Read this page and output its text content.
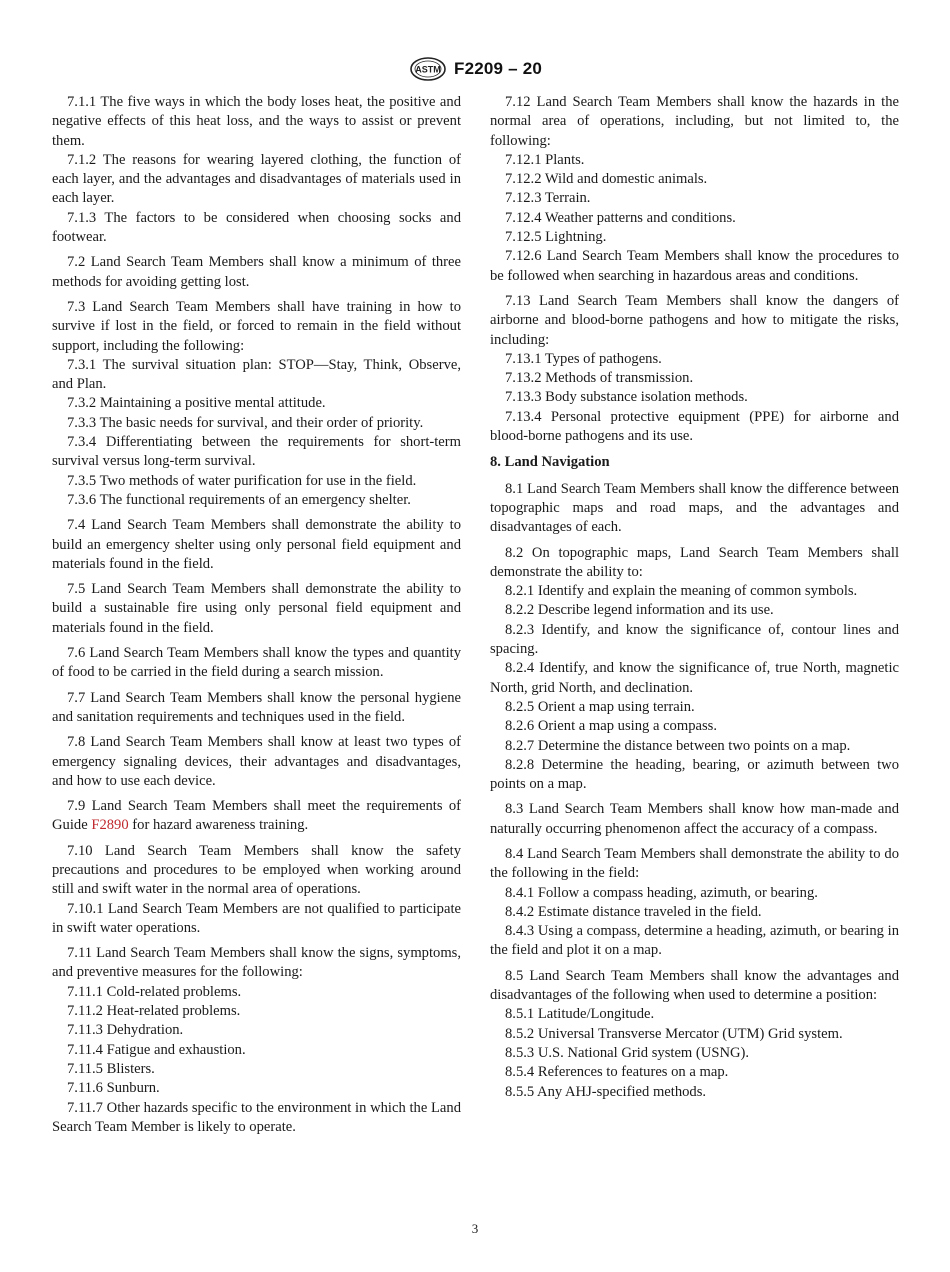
ASTM F2209 – 20

7.1.1 The five ways in which the body loses heat, the positive and negative effects of this heat loss, and the ways to assist or prevent them.

7.1.2 The reasons for wearing layered clothing, the function of each layer, and the advantages and disadvantages of materials used in each layer.

7.1.3 The factors to be considered when choosing socks and footwear.

7.2 Land Search Team Members shall know a minimum of three methods for avoiding getting lost.

7.3 Land Search Team Members shall have training in how to survive if lost in the field, or forced to remain in the field without support, including the following:

7.3.1 The survival situation plan: STOP—Stay, Think, Observe, and Plan.

7.3.2 Maintaining a positive mental attitude.

7.3.3 The basic needs for survival, and their order of priority.

7.3.4 Differentiating between the requirements for short-term survival versus long-term survival.

7.3.5 Two methods of water purification for use in the field.

7.3.6 The functional requirements of an emergency shelter.

7.4 Land Search Team Members shall demonstrate the ability to build an emergency shelter using only personal field equipment and materials found in the field.

7.5 Land Search Team Members shall demonstrate the ability to build a sustainable fire using only personal field equipment and materials found in the field.

7.6 Land Search Team Members shall know the types and quantity of food to be carried in the field during a search mission.

7.7 Land Search Team Members shall know the personal hygiene and sanitation requirements and techniques used in the field.

7.8 Land Search Team Members shall know at least two types of emergency signaling devices, their advantages and disadvantages, and how to use each device.

7.9 Land Search Team Members shall meet the requirements of Guide F2890 for hazard awareness training.

7.10 Land Search Team Members shall know the safety precautions and procedures to be employed when working around still and swift water in the normal area of operations.

7.10.1 Land Search Team Members are not qualified to participate in swift water operations.

7.11 Land Search Team Members shall know the signs, symptoms, and preventive measures for the following:

7.11.1 Cold-related problems.

7.11.2 Heat-related problems.

7.11.3 Dehydration.

7.11.4 Fatigue and exhaustion.

7.11.5 Blisters.

7.11.6 Sunburn.

7.11.7 Other hazards specific to the environment in which the Land Search Team Member is likely to operate.

7.12 Land Search Team Members shall know the hazards in the normal area of operations, including, but not limited to, the following:

7.12.1 Plants.

7.12.2 Wild and domestic animals.

7.12.3 Terrain.

7.12.4 Weather patterns and conditions.

7.12.5 Lightning.

7.12.6 Land Search Team Members shall know the procedures to be followed when searching in hazardous areas and conditions.

7.13 Land Search Team Members shall know the dangers of airborne and blood-borne pathogens and how to mitigate the risks, including:

7.13.1 Types of pathogens.

7.13.2 Methods of transmission.

7.13.3 Body substance isolation methods.

7.13.4 Personal protective equipment (PPE) for airborne and blood-borne pathogens and its use.

8. Land Navigation

8.1 Land Search Team Members shall know the difference between topographic maps and road maps, and the advantages and disadvantages of each.

8.2 On topographic maps, Land Search Team Members shall demonstrate the ability to:

8.2.1 Identify and explain the meaning of common symbols.

8.2.2 Describe legend information and its use.

8.2.3 Identify, and know the significance of, contour lines and spacing.

8.2.4 Identify, and know the significance of, true North, magnetic North, grid North, and declination.

8.2.5 Orient a map using terrain.

8.2.6 Orient a map using a compass.

8.2.7 Determine the distance between two points on a map.

8.2.8 Determine the heading, bearing, or azimuth between two points on a map.

8.3 Land Search Team Members shall know how man-made and naturally occurring phenomenon affect the accuracy of a compass.

8.4 Land Search Team Members shall demonstrate the ability to do the following in the field:

8.4.1 Follow a compass heading, azimuth, or bearing.

8.4.2 Estimate distance traveled in the field.

8.4.3 Using a compass, determine a heading, azimuth, or bearing in the field and plot it on a map.

8.5 Land Search Team Members shall know the advantages and disadvantages of the following when used to determine a position:

8.5.1 Latitude/Longitude.

8.5.2 Universal Transverse Mercator (UTM) Grid system.

8.5.3 U.S. National Grid system (USNG).

8.5.4 References to features on a map.

8.5.5 Any AHJ-specified methods.

3
